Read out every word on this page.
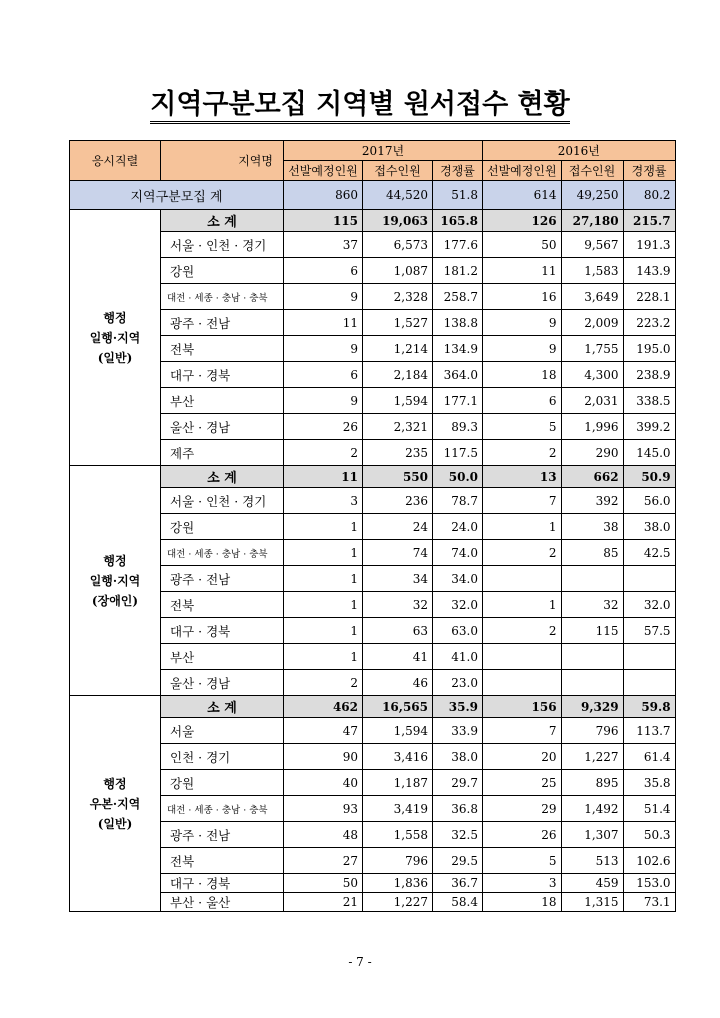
지역구분모집 지역별 원서접수 현황
응시직렬	지역명	2017년			2016년		
		선발예정인원	접수인원	경쟁률	선발예정인원	접수인원	경쟁률
지역구분모집 계		860	44,520	51.8	614	49,250	80.2

행정
일행·지역
(일반)	소 계	115	19,063	165.8	126	27,180	215.7
	서울 · 인천 · 경기	37	6,573	177.6	50	9,567	191.3
	강원	6	1,087	181.2	11	1,583	143.9
	대전 · 세종 · 충남 · 충북	9	2,328	258.7	16	3,649	228.1
	광주 · 전남	11	1,527	138.8	9	2,009	223.2
	전북	9	1,214	134.9	9	1,755	195.0
	대구 · 경북	6	2,184	364.0	18	4,300	238.9
	부산	9	1,594	177.1	6	2,031	338.5
	울산 · 경남	26	2,321	89.3	5	1,996	399.2
	제주	2	235	117.5	2	290	145.0

행정
일행·지역
(장애인)	소 계	11	550	50.0	13	662	50.9
	서울 · 인천 · 경기	3	236	78.7	7	392	56.0
	강원	1	24	24.0	1	38	38.0
	대전 · 세종 · 충남 · 충북	1	74	74.0	2	85	42.5
	광주 · 전남	1	34	34.0			
	전북	1	32	32.0	1	32	32.0
	대구 · 경북	1	63	63.0	2	115	57.5
	부산	1	41	41.0			
	울산 · 경남	2	46	23.0			

행정
우본·지역
(일반)	소 계	462	16,565	35.9	156	9,329	59.8
	서울	47	1,594	33.9	7	796	113.7
	인천 · 경기	90	3,416	38.0	20	1,227	61.4
	강원	40	1,187	29.7	25	895	35.8
	대전 · 세종 · 충남 · 충북	93	3,419	36.8	29	1,492	51.4
	광주 · 전남	48	1,558	32.5	26	1,307	50.3
	전북	27	796	29.5	5	513	102.6
	대구 · 경북	50	1,836	36.7	3	459	153.0
	부산 · 울산	21	1,227	58.4	18	1,315	73.1
- 7 -
